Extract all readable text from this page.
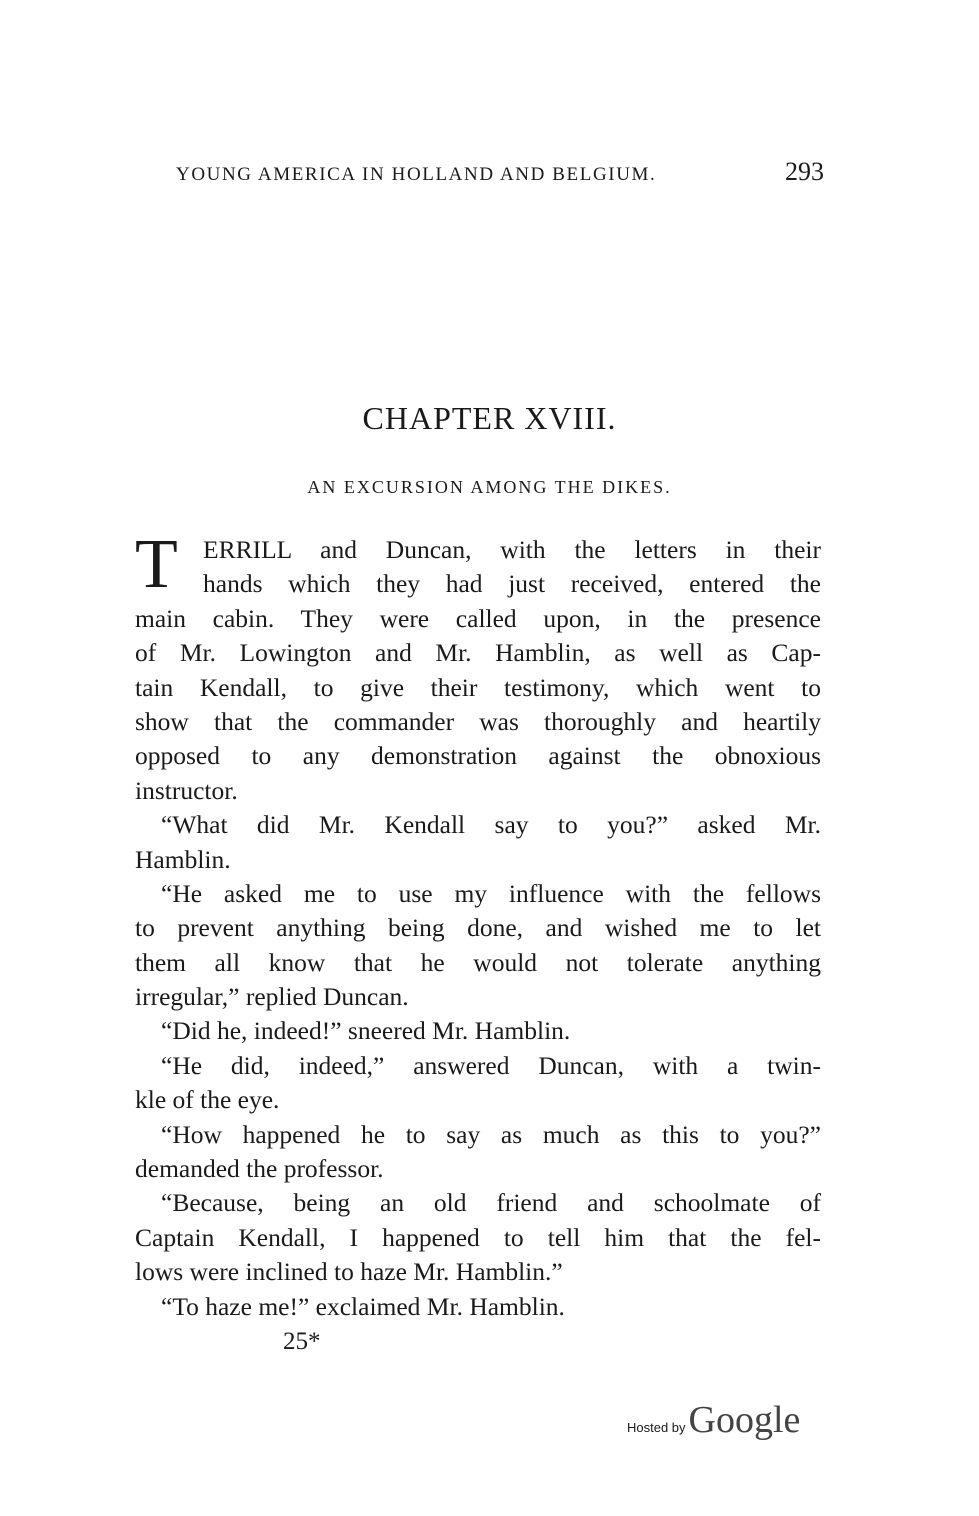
YOUNG AMERICA IN HOLLAND AND BELGIUM.	293
CHAPTER XVIII.
AN EXCURSION AMONG THE DIKES.
T ERRILL and Duncan, with the letters in their
hands which they had just received, entered the
main cabin. They were called upon, in the presence
of Mr. Lowington and Mr. Hamblin, as well as Cap-
tain Kendall, to give their testimony, which went to
show that the commander was thoroughly and heartily
opposed to any demonstration against the obnoxious
instructor.
“What did Mr. Kendall say to you?” asked Mr.
Hamblin.
“He asked me to use my influence with the fellows
to prevent anything being done, and wished me to let
them all know that he would not tolerate anything
irregular,” replied Duncan.
“Did he, indeed!” sneered Mr. Hamblin.
“He did, indeed,” answered Duncan, with a twin-
kle of the eye.
“How happened he to say as much as this to you?”
demanded the professor.
“Because, being an old friend and schoolmate of
Captain Kendall, I happened to tell him that the fel-
lows were inclined to haze Mr. Hamblin.”
“To haze me!” exclaimed Mr. Hamblin.
25*
Hosted by Google
